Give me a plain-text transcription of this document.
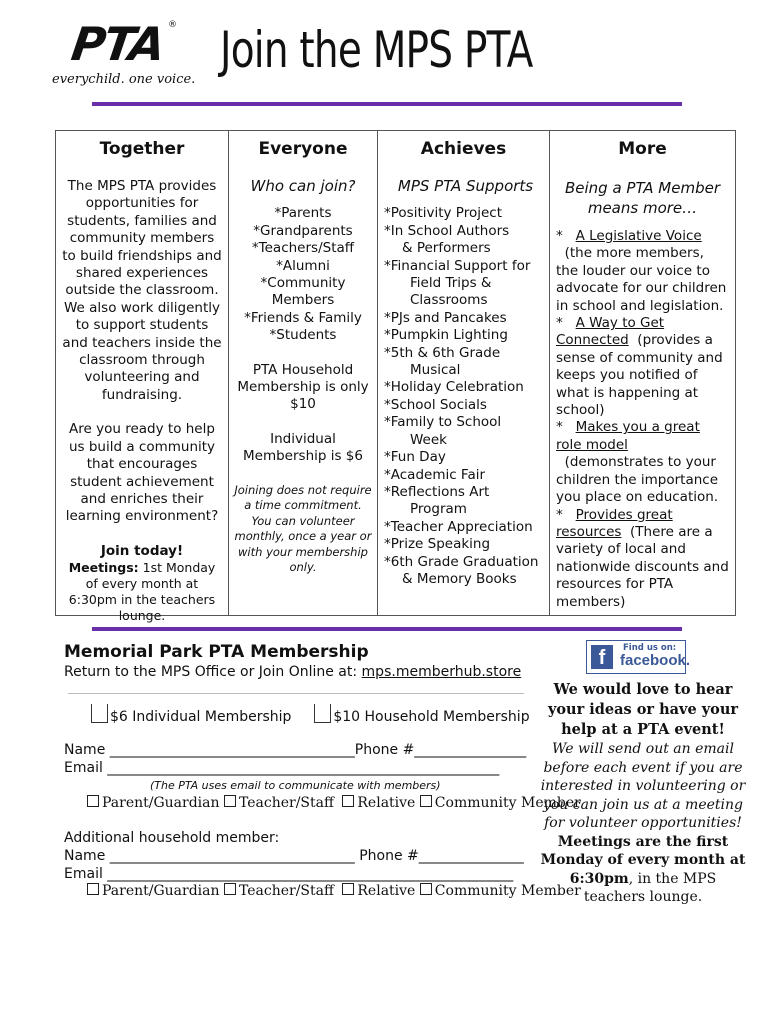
PTA ®
everychild. one voice.
Join the MPS PTA
Together
The MPS PTA provides opportunities for students, families and community members to build friendships and shared experiences outside the classroom. We also work diligently to support students and teachers inside the classroom through volunteering and fundraising.
Are you ready to help us build a community that encourages student achievement and enriches their learning environment?
Join today!
Meetings: 1st Monday of every month at 6:30pm in the teachers lounge.
Everyone
Who can join?
*Parents
*Grandparents
*Teachers/Staff
*Alumni
*Community Members
*Friends & Family
*Students
PTA Household Membership is only $10
Individual Membership is $6
Joining does not require a time commitment. You can volunteer monthly, once a year or with your membership only.
Achieves
MPS PTA Supports
*Positivity Project
*In School Authors
& Performers
*Financial Support for
Field Trips & Classrooms
*PJs and Pancakes
*Pumpkin Lighting
*5th & 6th Grade
Musical
*Holiday Celebration
*School Socials
*Family to School
Week
*Fun Day
*Academic Fair
*Reflections Art
Program
*Teacher Appreciation
*Prize Speaking
*6th Grade Graduation
& Memory Books
More
Being a PTA Member means more…
*   A Legislative Voice  (the more members, the louder our voice to advocate for our children in school and legislation.
*   A Way to Get Connected (provides a sense of community and keeps you notified of what is happening at school)
*   Makes you a great role model  (demonstrates to your children the importance you place on education.
*   Provides great resources (There are a variety of local and nationwide discounts and resources for PTA members)
Memorial Park PTA Membership
Return to the MPS Office or Join Online at: mps.memberhub.store
$6 Individual Membership	$10 Household Membership
Name ___________________________________Phone #________________
Email ________________________________________________________
(The PTA uses email to communicate with members)
Parent/Guardian Teacher/Staff Relative Community Member
Additional household member:
Name ___________________________________ Phone #_______________
Email __________________________________________________________
Parent/Guardian Teacher/Staff Relative Community Member
f	Find us on:
facebook.
We would love to hear your ideas or have your help at a PTA event!
We will send out an email before each event if you are interested in volunteering or you can join us at a meeting for volunteer opportunities!
Meetings are the first Monday of every month at 6:30pm, in the MPS teachers lounge.
